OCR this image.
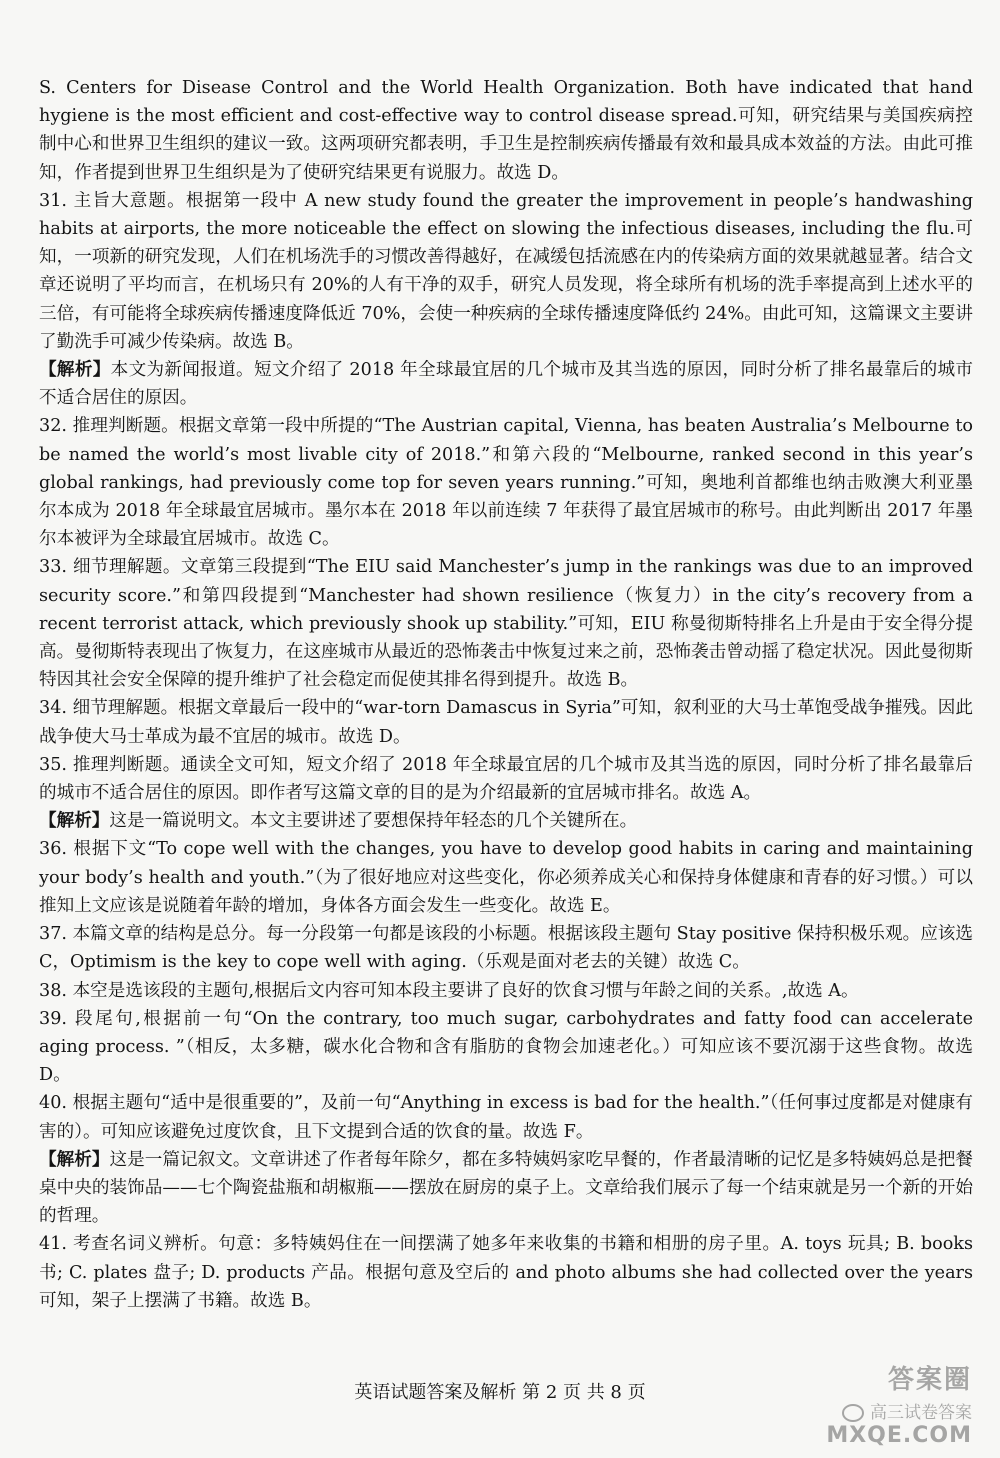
S. Centers for Disease Control and the World Health Organization. Both have indicated that hand hygiene is the most efficient and cost-effective way to control disease spread.可知，研究结果与美国疾病控制中心和世界卫生组织的建议一致。这两项研究都表明，手卫生是控制疾病传播最有效和最具成本效益的方法。由此可推知，作者提到世界卫生组织是为了使研究结果更有说服力。故选 D。

31. 主旨大意题。根据第一段中 A new study found the greater the improvement in people’s handwashing habits at airports, the more noticeable the effect on slowing the infectious diseases, including the flu.可知，一项新的研究发现，人们在机场洗手的习惯改善得越好，在减缓包括流感在内的传染病方面的效果就越显著。结合文章还说明了平均而言，在机场只有 20%的人有干净的双手，研究人员发现，将全球所有机场的洗手率提高到上述水平的三倍，有可能将全球疾病传播速度降低近 70%，会使一种疾病的全球传播速度降低约 24%。由此可知，这篇课文主要讲了勤洗手可减少传染病。故选 B。

【解析】本文为新闻报道。短文介绍了 2018 年全球最宜居的几个城市及其当选的原因，同时分析了排名最靠后的城市不适合居住的原因。

32. 推理判断题。根据文章第一段中所提的“The Austrian capital, Vienna, has beaten Australia’s Melbourne to be named the world’s most livable city of 2018.”和第六段的“Melbourne, ranked second in this year’s global rankings, had previously come top for seven years running.”可知，奥地利首都维也纳击败澳大利亚墨尔本成为 2018 年全球最宜居城市。墨尔本在 2018 年以前连续 7 年获得了最宜居城市的称号。由此判断出 2017 年墨尔本被评为全球最宜居城市。故选 C。

33. 细节理解题。文章第三段提到“The EIU said Manchester’s jump in the rankings was due to an improved security score.”和第四段提到“Manchester had shown resilience（恢复力）in the city’s recovery from a recent terrorist attack, which previously shook up stability.”可知，EIU 称曼彻斯特排名上升是由于安全得分提高。曼彻斯特表现出了恢复力，在这座城市从最近的恐怖袭击中恢复过来之前，恐怖袭击曾动摇了稳定状况。因此曼彻斯特因其社会安全保障的提升维护了社会稳定而促使其排名得到提升。故选 B。

34. 细节理解题。根据文章最后一段中的“war-torn Damascus in Syria”可知，叙利亚的大马士革饱受战争摧残。因此战争使大马士革成为最不宜居的城市。故选 D。

35. 推理判断题。通读全文可知，短文介绍了 2018 年全球最宜居的几个城市及其当选的原因，同时分析了排名最靠后的城市不适合居住的原因。即作者写这篇文章的目的是为介绍最新的宜居城市排名。故选 A。

【解析】这是一篇说明文。本文主要讲述了要想保持年轻态的几个关键所在。

36. 根据下文“To cope well with the changes, you have to develop good habits in caring and maintaining your body’s health and youth.”（为了很好地应对这些变化，你必须养成关心和保持身体健康和青春的好习惯。）可以推知上文应该是说随着年龄的增加，身体各方面会发生一些变化。故选 E。

37. 本篇文章的结构是总分。每一分段第一句都是该段的小标题。根据该段主题句 Stay positive 保持积极乐观。应该选 C，Optimism is the key to cope well with aging.（乐观是面对老去的关键）故选 C。

38. 本空是选该段的主题句,根据后文内容可知本段主要讲了良好的饮食习惯与年龄之间的关系。,故选 A。

39. 段尾句,根据前一句“On the contrary, too much sugar, carbohydrates and fatty food can accelerate aging process. ”（相反，太多糖，碳水化合物和含有脂肪的食物会加速老化。）可知应该不要沉溺于这些食物。故选 D。

40. 根据主题句“适中是很重要的”，及前一句“Anything in excess is bad for the health.”（任何事过度都是对健康有害的）。可知应该避免过度饮食，且下文提到合适的饮食的量。故选 F。

【解析】这是一篇记叙文。文章讲述了作者每年除夕，都在多特姨妈家吃早餐的，作者最清晰的记忆是多特姨妈总是把餐桌中央的装饰品——七个陶瓷盐瓶和胡椒瓶——摆放在厨房的桌子上。文章给我们展示了每一个结束就是另一个新的开始的哲理。

41. 考查名词义辨析。句意：多特姨妈住在一间摆满了她多年来收集的书籍和相册的房子里。A. toys 玩具; B. books 书; C. plates 盘子; D. products 产品。根据句意及空后的 and photo albums she had collected over the years 可知，架子上摆满了书籍。故选 B。

英语试题答案及解析 第 2 页 共 8 页	答案圈
高三试卷答案
MXQE.COM
